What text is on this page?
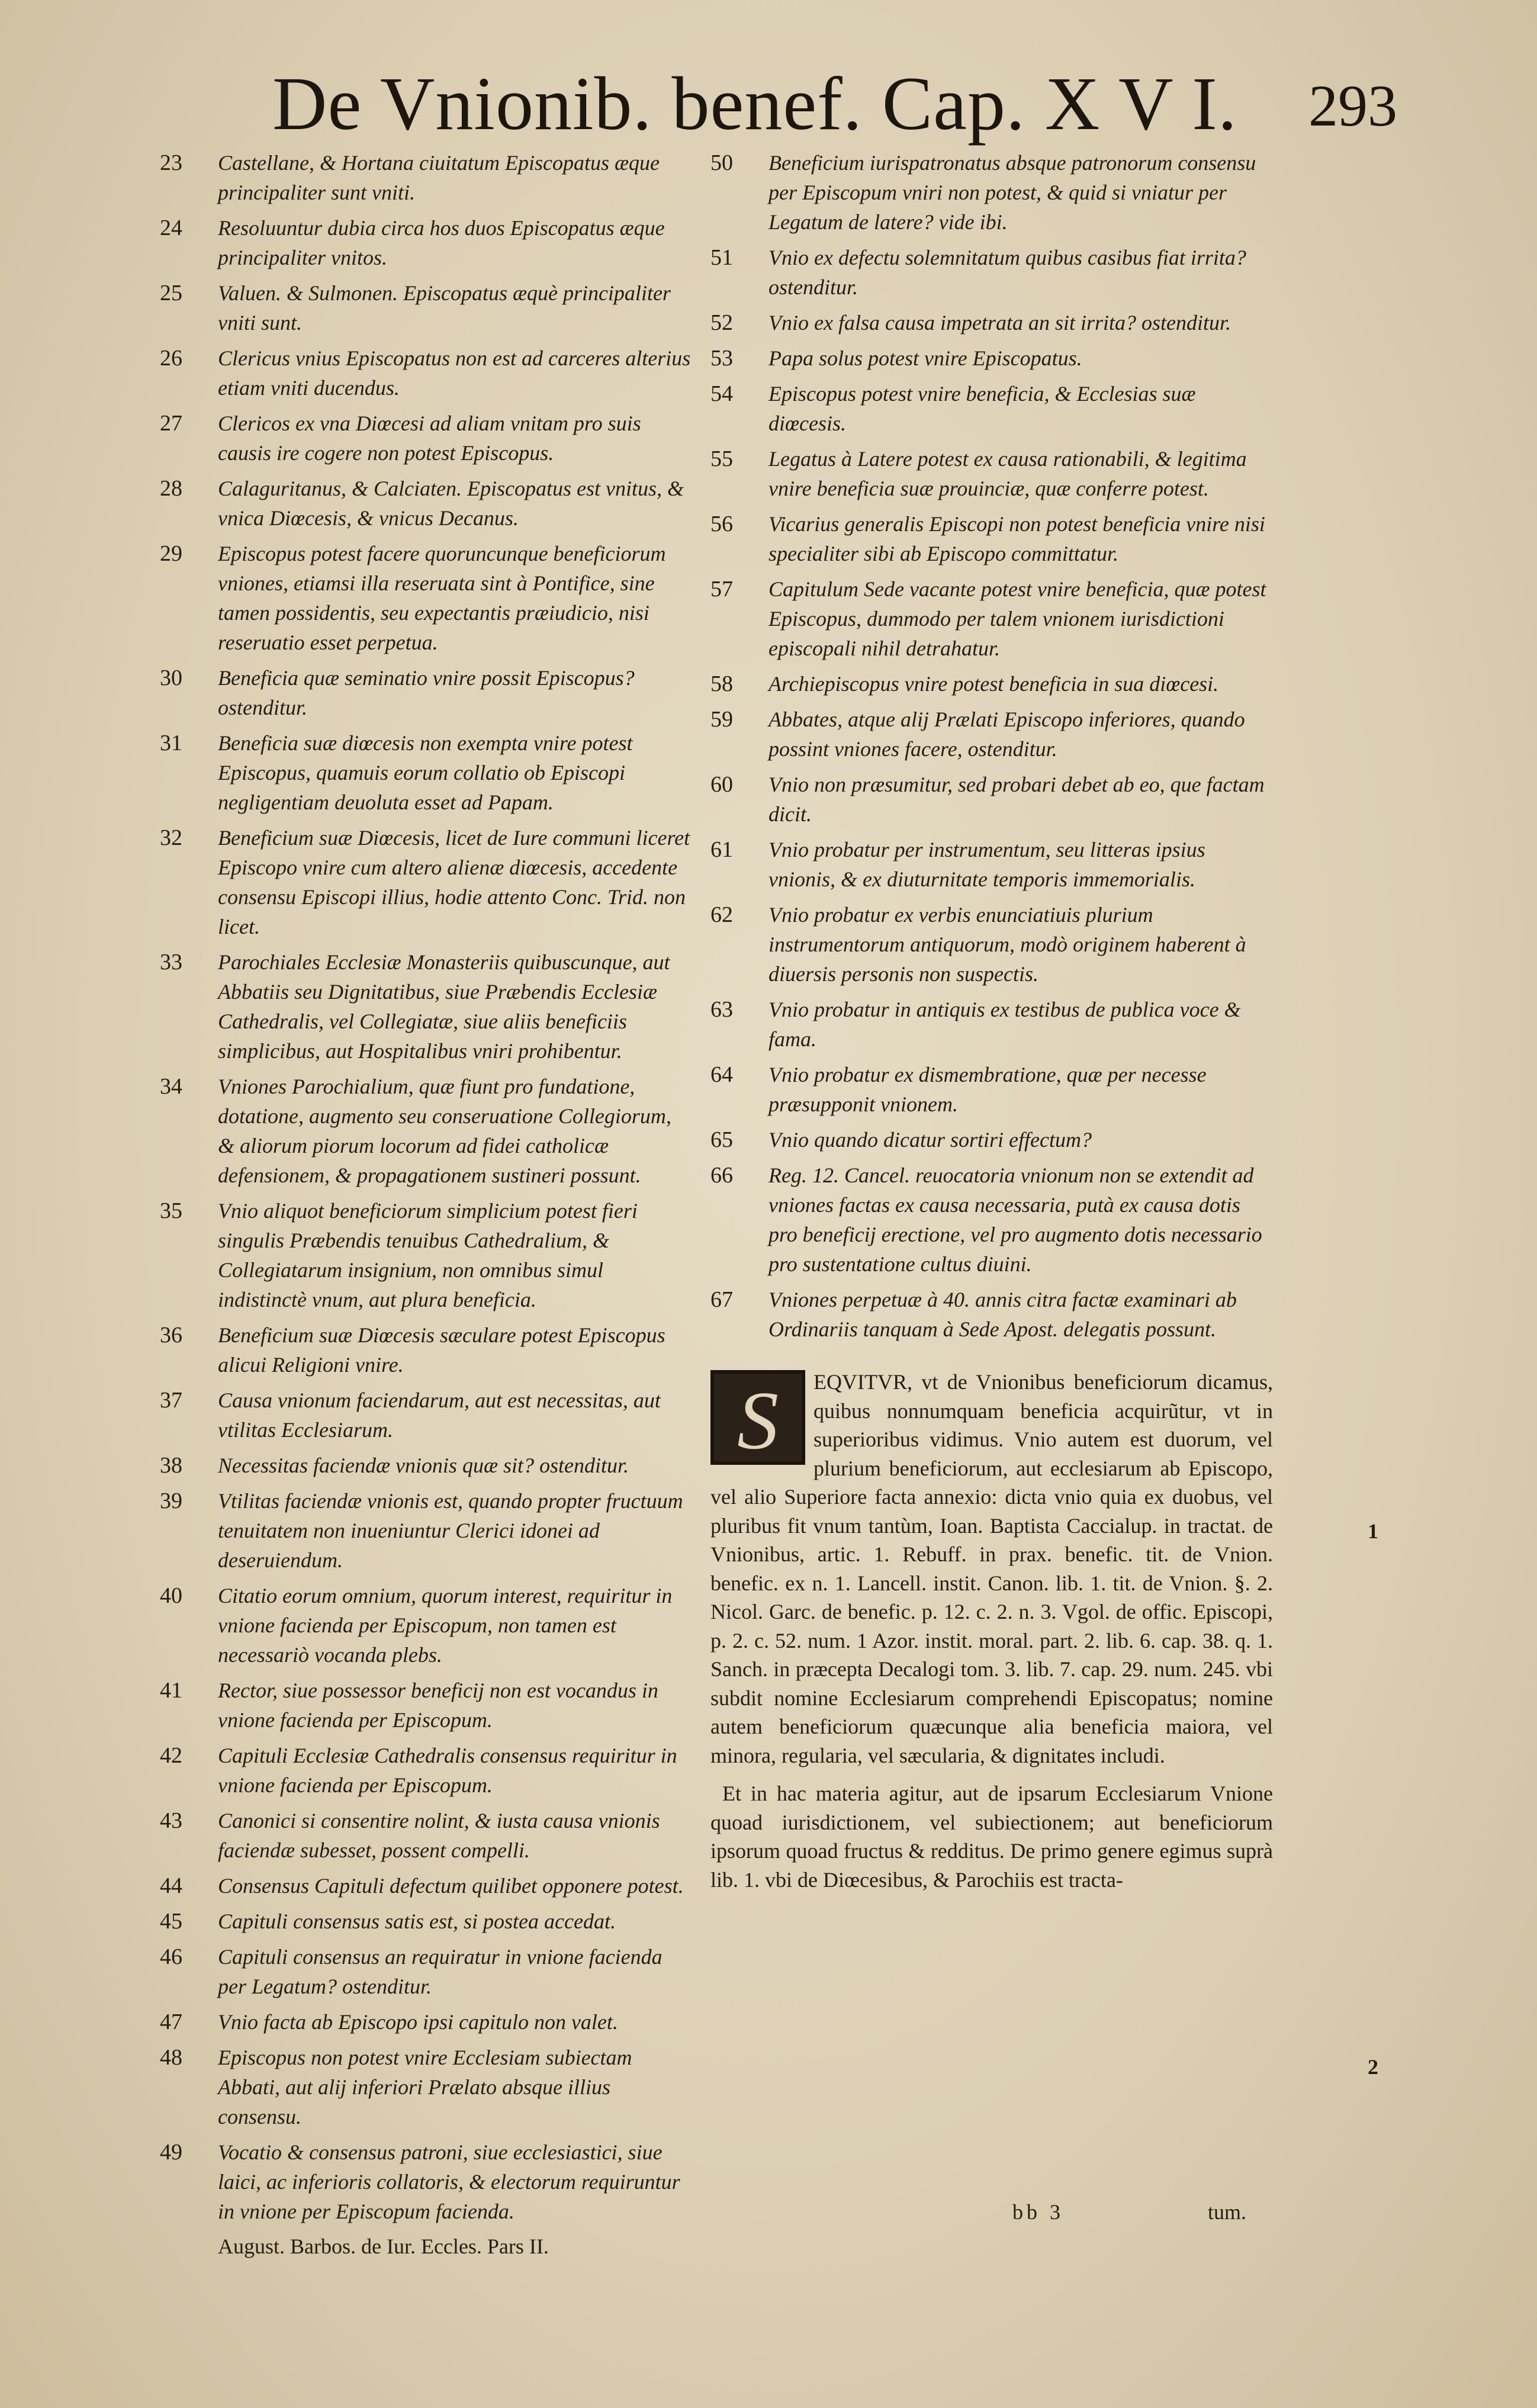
De Vnionib. benef. Cap. X V I. 293
23	Castellane, & Hortana ciuitatum Episcopatus æque principaliter sunt vniti.
24	Resoluuntur dubia circa hos duos Episcopatus æque principaliter vnitos.
25	Valuen. & Sulmonen. Episcopatus æquè principaliter vniti sunt.
26	Clericus vnius Episcopatus non est ad carceres alterius etiam vniti ducendus.
27	Clericos ex vna Diœcesi ad aliam vnitam pro suis causis ire cogere non potest Episcopus.
28	Calaguritanus, & Calciaten. Episcopatus est vnitus, & vnica Diœcesis, & vnicus Decanus.
29	Episcopus potest facere quoruncunque beneficiorum vniones, etiamsi illa reseruata sint à Pontifice, sine tamen possidentis, seu expectantis præiudicio, nisi reseruatio esset perpetua.
30	Beneficia quæ seminatio vnire possit Episcopus? ostenditur.
31	Beneficia suæ diœcesis non exempta vnire potest Episcopus, quamuis eorum collatio ob Episcopi negligentiam deuoluta esset ad Papam.
32	Beneficium suæ Diœcesis, licet de Iure communi liceret Episcopo vnire cum altero alienæ diœcesis, accedente consensu Episcopi illius, hodie attento Conc. Trid. non licet.
33	Parochiales Ecclesiæ Monasteriis quibuscunque, aut Abbatiis seu Dignitatibus, siue Præbendis Ecclesiæ Cathedralis, vel Collegiatæ, siue aliis beneficiis simplicibus, aut Hospitalibus vniri prohibentur.
34	Vniones Parochialium, quæ fiunt pro fundatione, dotatione, augmento seu conseruatione Collegiorum, & aliorum piorum locorum ad fidei catholicæ defensionem, & propagationem sustineri possunt.
35	Vnio aliquot beneficiorum simplicium potest fieri singulis Præbendis tenuibus Cathedralium, & Collegiatarum insignium, non omnibus simul indistinctè vnum, aut plura beneficia.
36	Beneficium suæ Diœcesis sæculare potest Episcopus alicui Religioni vnire.
37	Causa vnionum faciendarum, aut est necessitas, aut vtilitas Ecclesiarum.
38	Necessitas faciendæ vnionis quæ sit? ostenditur.
39	Vtilitas faciendæ vnionis est, quando propter fructuum tenuitatem non inueniuntur Clerici idonei ad deseruiendum.
40	Citatio eorum omnium, quorum interest, requiritur in vnione facienda per Episcopum, non tamen est necessariò vocanda plebs.
41	Rector, siue possessor beneficij non est vocandus in vnione facienda per Episcopum.
42	Capituli Ecclesiæ Cathedralis consensus requiritur in vnione facienda per Episcopum.
43	Canonici si consentire nolint, & iusta causa vnionis faciendæ subesset, possent compelli.
44	Consensus Capituli defectum quilibet opponere potest.
45	Capituli consensus satis est, si postea accedat.
46	Capituli consensus an requiratur in vnione facienda per Legatum? ostenditur.
47	Vnio facta ab Episcopo ipsi capitulo non valet.
48	Episcopus non potest vnire Ecclesiam subiectam Abbati, aut alij inferiori Prælato absque illius consensu.
49	Vocatio & consensus patroni, siue ecclesiastici, siue laici, ac inferioris collatoris, & electorum requiruntur in vnione per Episcopum facienda.
August. Barbos. de Iur. Eccles. Pars II.
50	Beneficium iurispatronatus absque patronorum consensu per Episcopum vniri non potest, & quid si vniatur per Legatum de latere? vide ibi.
51	Vnio ex defectu solemnitatum quibus casibus fiat irrita? ostenditur.
52	Vnio ex falsa causa impetrata an sit irrita? ostenditur.
53	Papa solus potest vnire Episcopatus.
54	Episcopus potest vnire beneficia, & Ecclesias suæ diœcesis.
55	Legatus à Latere potest ex causa rationabili, & legitima vnire beneficia suæ prouinciæ, quæ conferre potest.
56	Vicarius generalis Episcopi non potest beneficia vnire nisi specialiter sibi ab Episcopo committatur.
57	Capitulum Sede vacante potest vnire beneficia, quæ potest Episcopus, dummodo per talem vnionem iurisdictioni episcopali nihil detrahatur.
58	Archiepiscopus vnire potest beneficia in sua diœcesi.
59	Abbates, atque alij Prælati Episcopo inferiores, quando possint vniones facere, ostenditur.
60	Vnio non præsumitur, sed probari debet ab eo, que factam dicit.
61	Vnio probatur per instrumentum, seu litteras ipsius vnionis, & ex diuturnitate temporis immemorialis.
62	Vnio probatur ex verbis enunciatiuis plurium instrumentorum antiquorum, modò originem haberent à diuersis personis non suspectis.
63	Vnio probatur in antiquis ex testibus de publica voce & fama.
64	Vnio probatur ex dismembratione, quæ per necesse præsupponit vnionem.
65	Vnio quando dicatur sortiri effectum?
66	Reg. 12. Cancel. reuocatoria vnionum non se extendit ad vniones factas ex causa necessaria, putà ex causa dotis pro beneficij erectione, vel pro augmento dotis necessario pro sustentatione cultus diuini.
67	Vniones perpetuæ à 40. annis citra factæ examinari ab Ordinariis tanquam à Sede Apost. delegatis possunt.
S	EQVITVR, vt de Vnionibus beneficiorum dicamus, quibus nonnumquam beneficia acquirũtur, vt in superioribus vidimus. Vnio autem est duorum, vel plurium beneficiorum, aut ecclesiarum ab Episcopo, vel alio Superiore facta annexio: dicta vnio quia ex duobus, vel pluribus fit vnum tantùm, Ioan. Baptista Caccialup. in tractat. de Vnionibus, artic. 1. Rebuff. in prax. benefic. tit. de Vnion. benefic. ex n. 1. Lancell. instit. Canon. lib. 1. tit. de Vnion. §. 2. Nicol. Garc. de benefic. p. 12. c. 2. n. 3. Vgol. de offic. Episcopi, p. 2. c. 52. num. 1 Azor. instit. moral. part. 2. lib. 6. cap. 38. q. 1. Sanch. in præcepta Decalogi tom. 3. lib. 7. cap. 29. num. 245. vbi subdit nomine Ecclesiarum comprehendi Episcopatus; nomine autem beneficiorum quæcunque alia beneficia maiora, vel minora, regularia, vel sæcularia, & dignitates includi.
Et in hac materia agitur, aut de ipsarum Ecclesiarum Vnione quoad iurisdictionem, vel subiectionem; aut beneficiorum ipsorum quoad fructus & redditus. De primo genere egimus suprà lib. 1. vbi de Diœcesibus, & Parochiis est tracta-
1
2
bb 3	tum.
